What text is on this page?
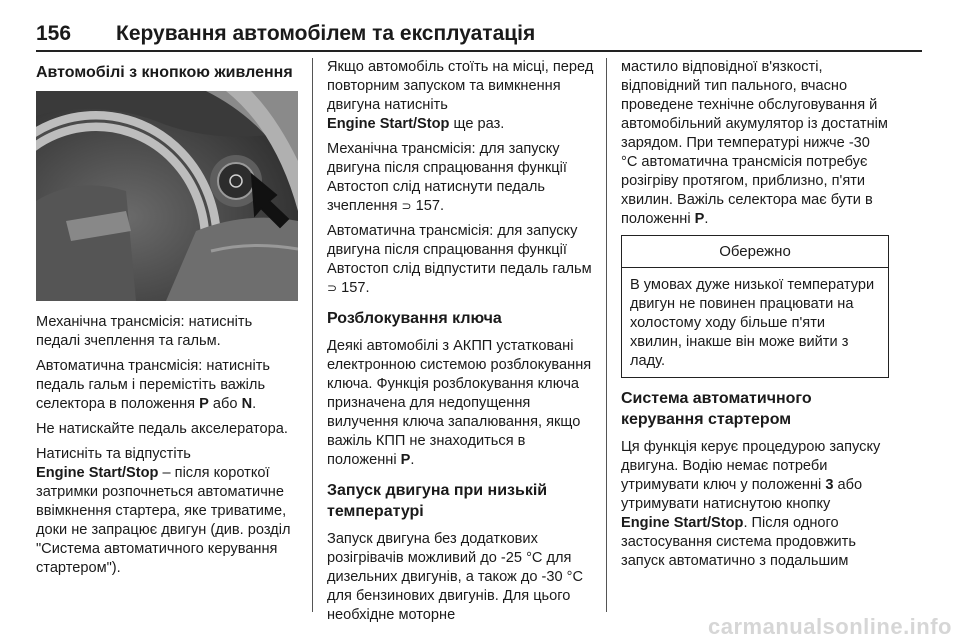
156	Керування автомобілем та експлуатація
Автомобілі з кнопкою живлення

Механічна трансмісія: натисніть педалі зчеплення та гальм.

Автоматична трансмісія: натисніть педаль гальм і перемістіть важіль селектора в положення P або N.

Не натискайте педаль акселератора.

Натисніть та відпустіть
Engine Start/Stop – після короткої затримки розпочнеться автоматичне ввімкнення стартера, яке триватиме, доки не запрацює двигун (див. розділ "Система автоматичного керування стартером").

Якщо автомобіль стоїть на місці, перед повторним запуском та вимкнення двигуна натисніть
Engine Start/Stop ще раз.

Механічна трансмісія: для запуску двигуна після спрацювання функції Автостоп слід натиснути педаль зчеплення ⊃ 157.

Автоматична трансмісія: для запуску двигуна після спрацювання функції Автостоп слід відпустити педаль гальм ⊃ 157.

Розблокування ключа

Деякі автомобілі з АКПП устатковані електронною системою розблокування ключа. Функція розблокування ключа призначена для недопущення вилучення ключа запалювання, якщо важіль КПП не знаходиться в положенні P.

Запуск двигуна при низькій температурі

Запуск двигуна без додаткових розігрівачів можливий до -25 °C для дизельних двигунів, а також до -30 °C для бензинових двигунів. Для цього необхідне моторне

мастило відповідної в'язкості, відповідний тип пального, вчасно проведене технічне обслуговування й автомобільний акумулятор із достатнім зарядом. При температурі нижче -30 °C автоматична трансмісія потребує розігріву протягом, приблизно, п'яти хвилин. Важіль селектора має бути в положенні P.

Обережно
В умовах дуже низької температури двигун не повинен працювати на холостому ходу більше п'яти хвилин, інакше він може вийти з ладу.
Система автоматичного керування стартером

Ця функція керує процедурою запуску двигуна. Водію немає потреби утримувати ключ у положенні 3 або утримувати натиснутою кнопку
Engine Start/Stop. Після одного застосування система продовжить запуск автоматично з подальшим

carmanualsonline.info
